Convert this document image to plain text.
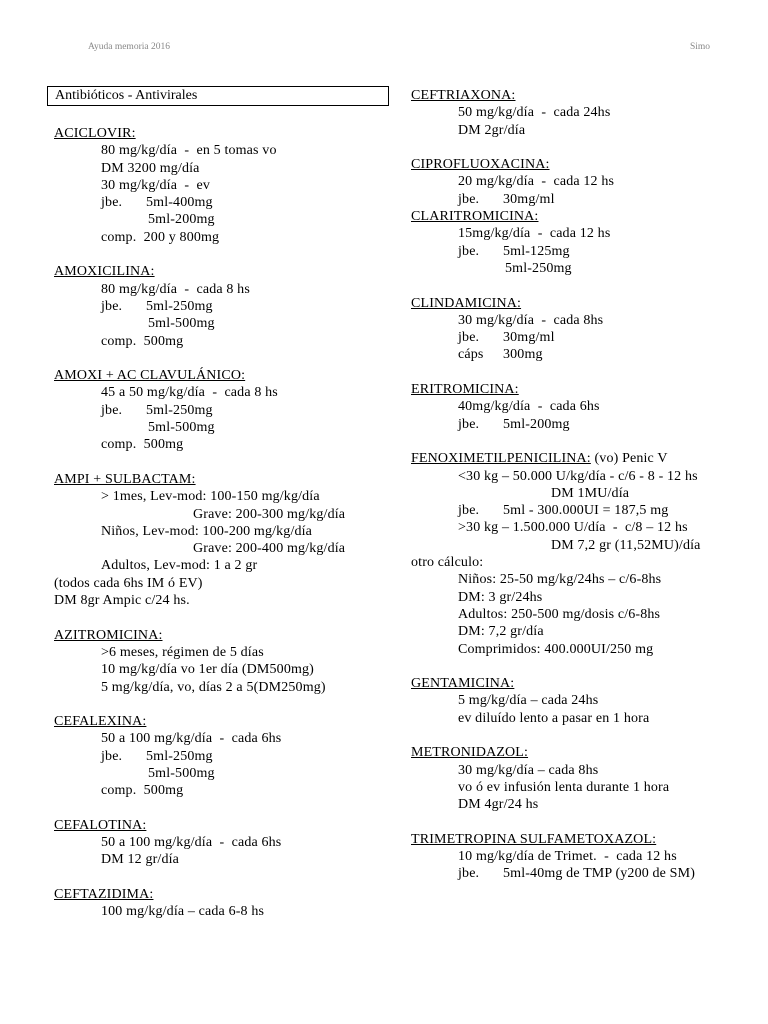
Ayuda memoria 2016	Simo
Antibióticos - Antivirales
ACICLOVIR:
80 mg/kg/día  -  en 5 tomas vo
DM 3200 mg/día
30 mg/kg/día  -  ev
jbe. 5ml-400mg
5ml-200mg
comp.  200 y 800mg
AMOXICILINA:
80 mg/kg/día  -  cada 8 hs
jbe. 5ml-250mg
5ml-500mg
comp.  500mg
AMOXI + AC CLAVULÁNICO:
45 a 50 mg/kg/día  -  cada 8 hs
jbe. 5ml-250mg
5ml-500mg
comp.  500mg
AMPI + SULBACTAM:
> 1mes, Lev-mod: 100-150 mg/kg/día
Grave: 200-300 mg/kg/día
Niños, Lev-mod: 100-200 mg/kg/día
Grave: 200-400 mg/kg/día
Adultos, Lev-mod: 1 a 2 gr
(todos cada 6hs IM ó EV)
DM 8gr Ampic c/24 hs.
AZITROMICINA:
>6 meses, régimen de 5 días
10 mg/kg/día vo 1er día (DM500mg)
5 mg/kg/día, vo, días 2 a 5(DM250mg)
CEFALEXINA:
50 a 100 mg/kg/día  -  cada 6hs
jbe. 5ml-250mg
5ml-500mg
comp.  500mg
CEFALOTINA:
50 a 100 mg/kg/día  -  cada 6hs
DM 12 gr/día
CEFTAZIDIMA:
100 mg/kg/día – cada 6-8 hs
CEFTRIAXONA:
50 mg/kg/día  -  cada 24hs
DM 2gr/día
CIPROFLUOXACINA:
20 mg/kg/día  -  cada 12 hs
jbe. 30mg/ml
CLARITROMICINA:
15mg/kg/día  -  cada 12 hs
jbe. 5ml-125mg
5ml-250mg
CLINDAMICINA:
30 mg/kg/día  -  cada 8hs
jbe. 30mg/ml
cáps 300mg
ERITROMICINA:
40mg/kg/día  -  cada 6hs
jbe. 5ml-200mg
FENOXIMETILPENICILINA: (vo) Penic V
<30 kg – 50.000 U/kg/día - c/6 - 8 - 12 hs
DM 1MU/día
jbe. 5ml - 300.000UI = 187,5 mg
>30 kg – 1.500.000 U/día  -  c/8 – 12 hs
DM 7,2 gr (11,52MU)/día
otro cálculo:
Niños: 25-50 mg/kg/24hs – c/6-8hs
DM: 3 gr/24hs
Adultos: 250-500 mg/dosis c/6-8hs
DM: 7,2 gr/día
Comprimidos: 400.000UI/250 mg
GENTAMICINA:
5 mg/kg/día – cada 24hs
ev diluído lento a pasar en 1 hora
METRONIDAZOL:
30 mg/kg/día – cada 8hs
vo ó ev infusión lenta durante 1 hora
DM 4gr/24 hs
TRIMETROPINA SULFAMETOXAZOL:
10 mg/kg/día de Trimet.  -  cada 12 hs
jbe. 5ml-40mg de TMP (y200 de SM)
